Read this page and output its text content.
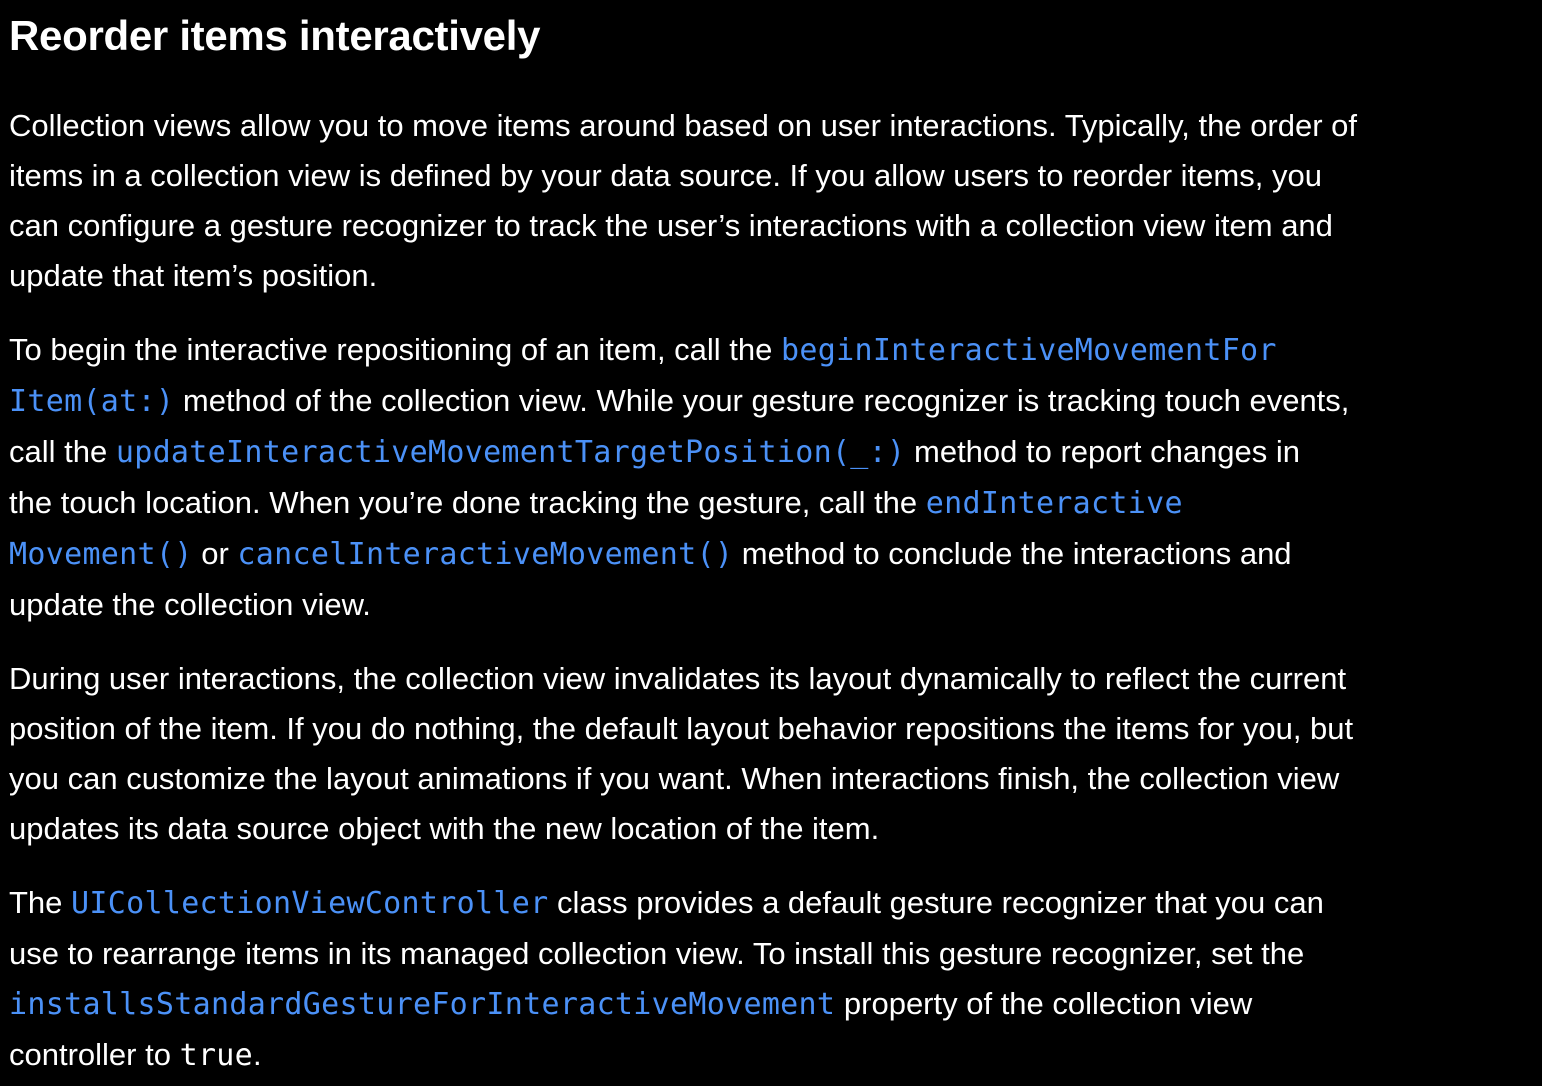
Reorder items interactively

Collection views allow you to move items around based on user interactions. Typically, the order of
items in a collection view is defined by your data source. If you allow users to reorder items, you
can configure a gesture recognizer to track the user’s interactions with a collection view item and
update that item’s position.

To begin the interactive repositioning of an item, call the beginInteractiveMovementFor
Item(at:) method of the collection view. While your gesture recognizer is tracking touch events,
call the updateInteractiveMovementTargetPosition(_:) method to report changes in
the touch location. When you’re done tracking the gesture, call the endInteractive
Movement() or cancelInteractiveMovement() method to conclude the interactions and
update the collection view.

During user interactions, the collection view invalidates its layout dynamically to reflect the current
position of the item. If you do nothing, the default layout behavior repositions the items for you, but
you can customize the layout animations if you want. When interactions finish, the collection view
updates its data source object with the new location of the item.

The UICollectionViewController class provides a default gesture recognizer that you can
use to rearrange items in its managed collection view. To install this gesture recognizer, set the
installsStandardGestureForInteractiveMovement property of the collection view
controller to true.
